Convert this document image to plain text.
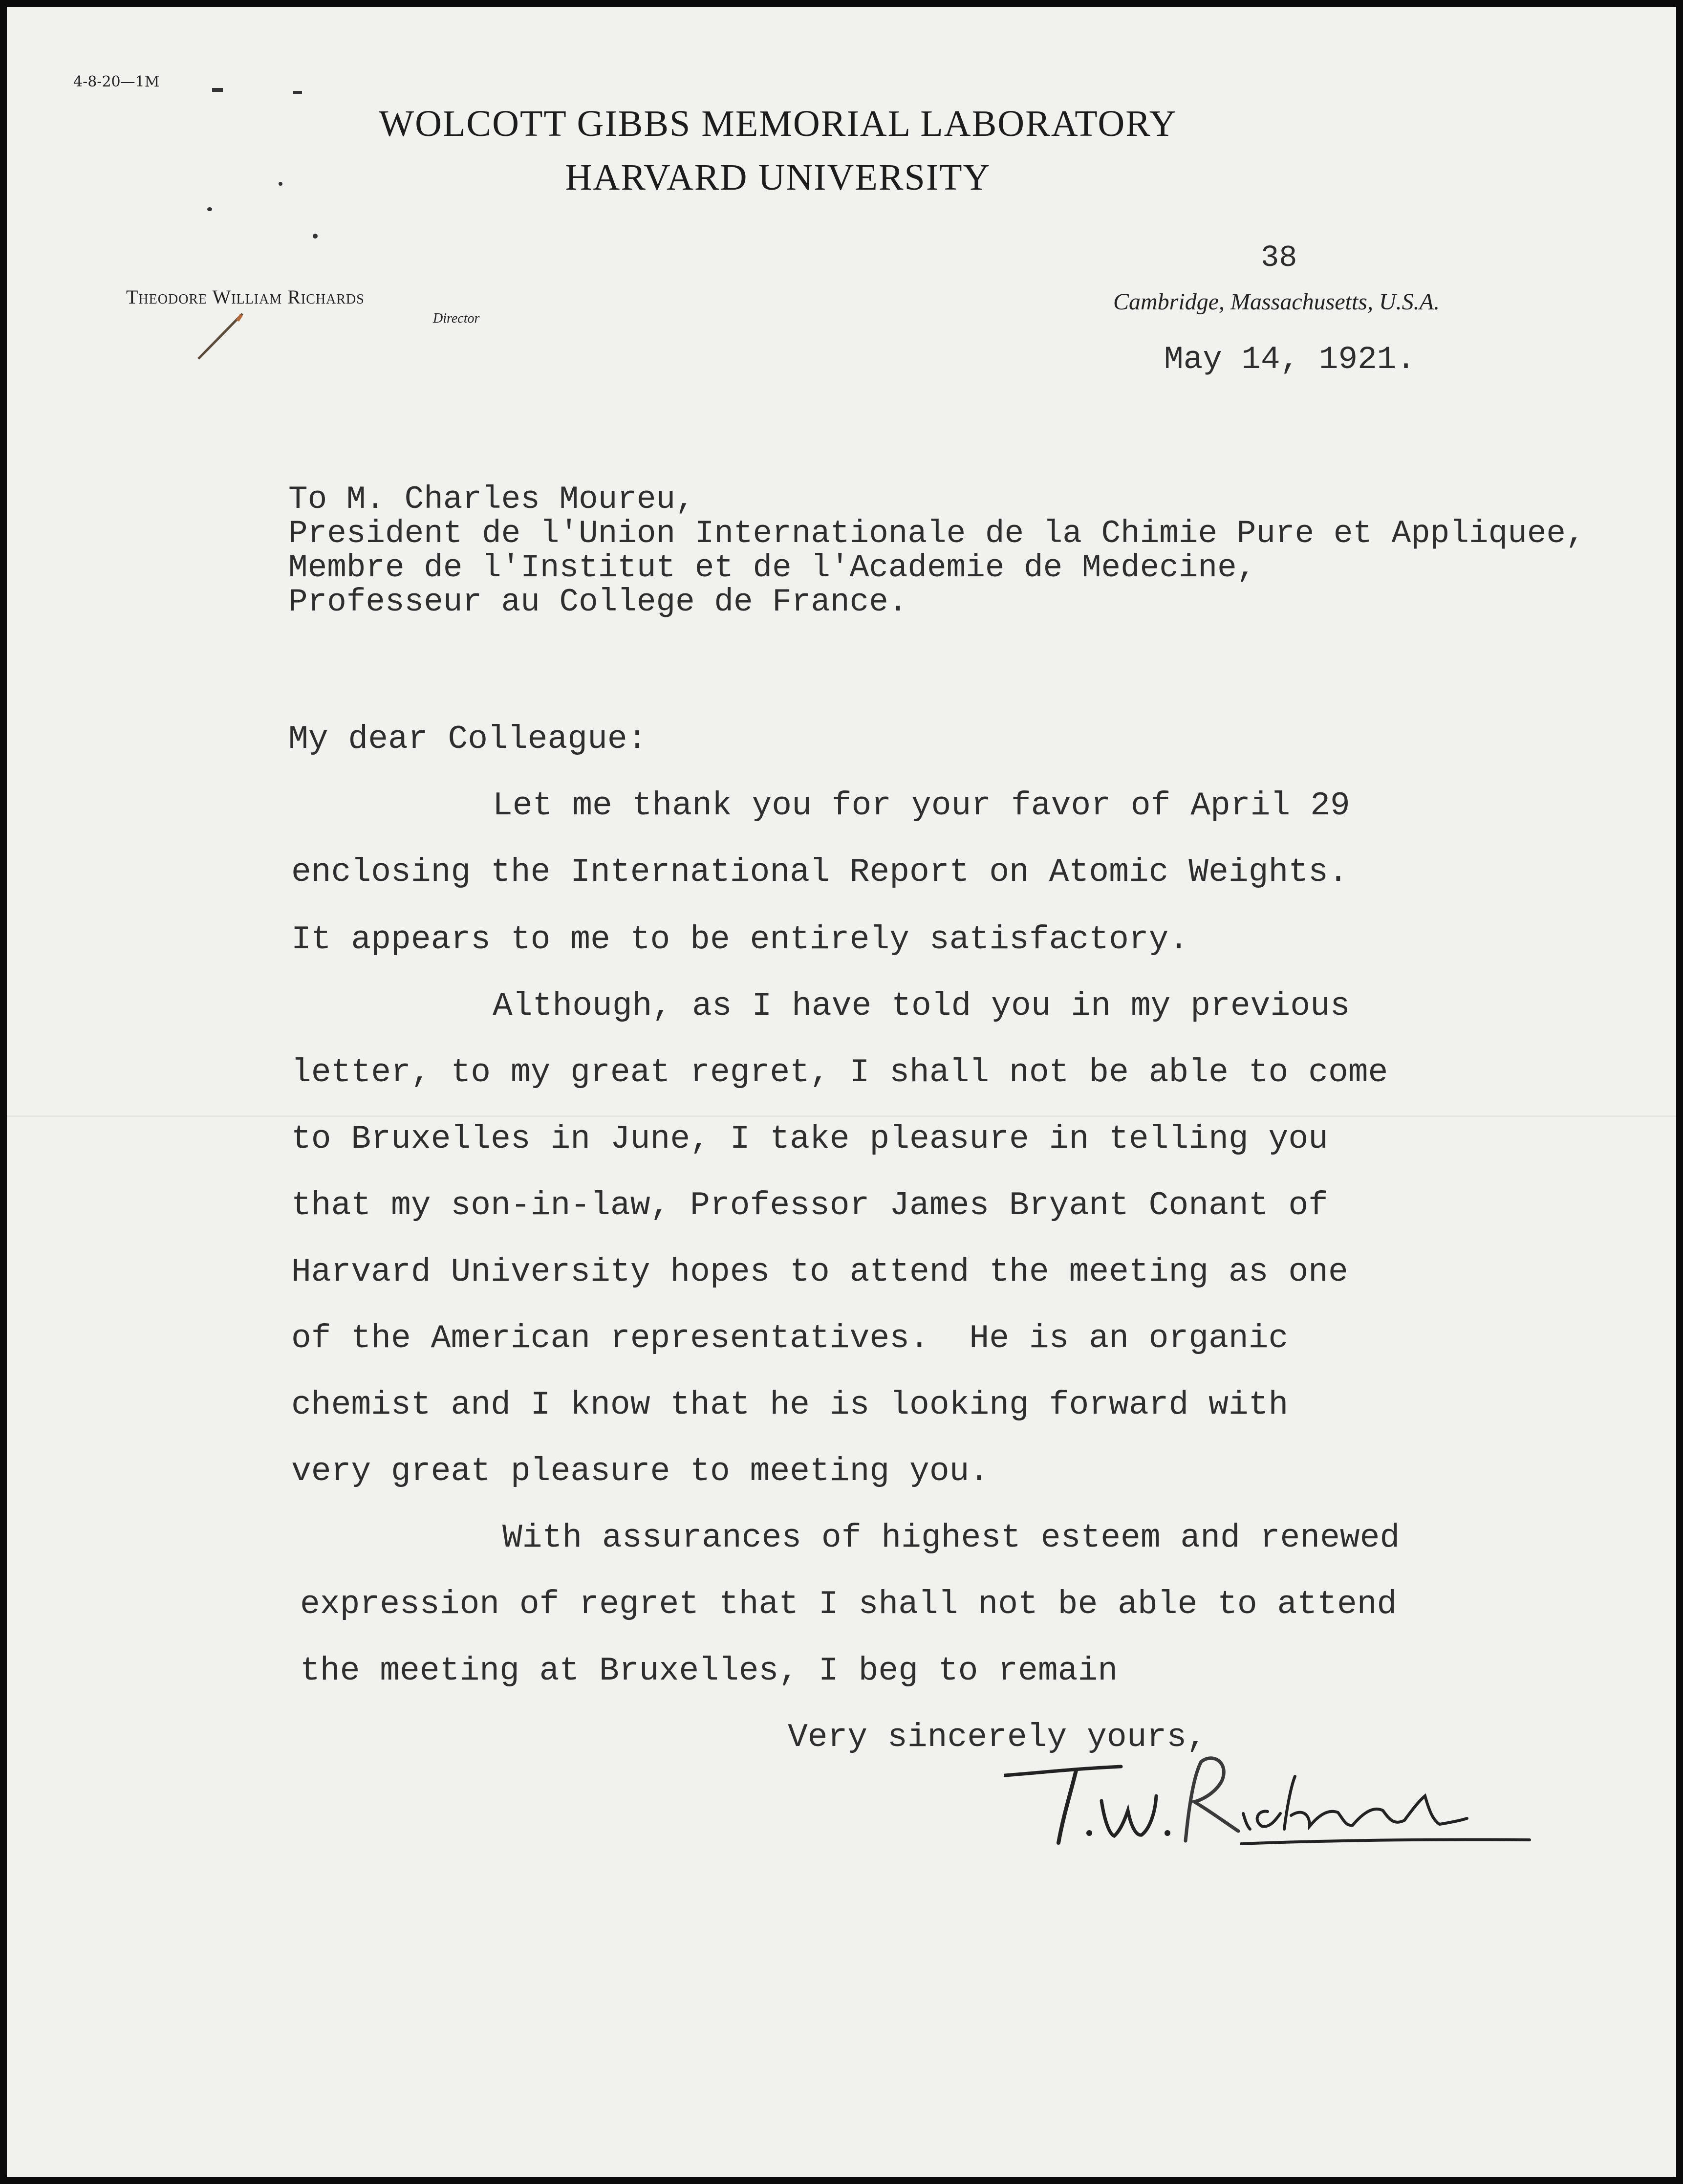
4-8-20—1M
WOLCOTT GIBBS MEMORIAL LABORATORY
HARVARD UNIVERSITY
Theodore William Richards
Director
Cambridge, Massachusetts, U.S.A.
38
May 14, 1921.
To M. Charles Moureu,
President de l'Union Internationale de la Chimie Pure et Appliquee,
Membre de l'Institut et de l'Academie de Medecine,
Professeur au College de France.
My dear Colleague:
Let me thank you for your favor of April 29
enclosing the International Report on Atomic Weights.
It appears to me to be entirely satisfactory.
Although, as I have told you in my previous
letter, to my great regret, I shall not be able to come
to Bruxelles in June, I take pleasure in telling you
that my son-in-law, Professor James Bryant Conant of
Harvard University hopes to attend the meeting as one
of the American representatives.  He is an organic
chemist and I know that he is looking forward with
very great pleasure to meeting you.
With assurances of highest esteem and renewed
expression of regret that I shall not be able to attend
the meeting at Bruxelles, I beg to remain
Very sincerely yours,
